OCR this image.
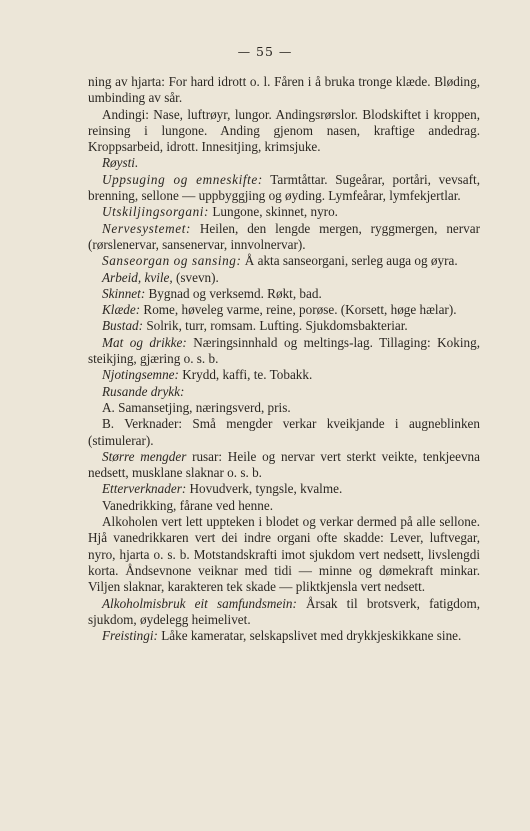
— 55 —

ning av hjarta: For hard idrott o. l. Fåren i å bruka tronge klæde. Bløding, umbinding av sår.

Andingi: Nase, luftrøyr, lungor. Andingsrørslor. Blodskiftet i kroppen, reinsing i lungone. Anding gjenom nasen, kraftige andedrag. Kroppsarbeid, idrott. Innesitjing, krimsjuke.

Røysti.

Uppsuging og emneskifte: Tarmtåttar. Sugeårar, portåri, vevsaft, brenning, sellone — uppbyggjing og øyding. Lymfeårar, lymfekjertlar.

Utskiljingsorgani: Lungone, skinnet, nyro.

Nervesystemet: Heilen, den lengde mergen, ryggmergen, nervar (rørslenervar, sansenervar, innvolnervar).

Sanseorgan og sansing: Å akta sanseorgani, serleg auga og øyra.

Arbeid, kvile, (svevn).

Skinnet: Bygnad og verksemd. Røkt, bad.

Klæde: Rome, høveleg varme, reine, porøse. (Korsett, høge hælar).

Bustad: Solrik, turr, romsam. Lufting. Sjukdomsbakteriar.

Mat og drikke: Næringsinnhald og meltings-lag. Tillaging: Koking, steikjing, gjæring o. s. b.

Njotingsemne: Krydd, kaffi, te. Tobakk.

Rusande drykk:

A. Samansetjing, næringsverd, pris.

B. Verknader: Små mengder verkar kveikjande i augneblinken (stimulerar).

Større mengder rusar: Heile og nervar vert sterkt veikte, tenkjeevna nedsett, musklane slaknar o. s. b.

Etterverknader: Hovudverk, tyngsle, kvalme.

Vanedrikking, fårane ved henne.

Alkoholen vert lett uppteken i blodet og verkar dermed på alle sellone. Hjå vanedrikkaren vert dei indre organi ofte skadde: Lever, luftvegar, nyro, hjarta o. s. b. Motstandskrafti imot sjukdom vert nedsett, livslengdi korta. Åndsevnone veiknar med tidi — minne og dømekraft minkar. Viljen slaknar, karakteren tek skade — pliktkjensla vert nedsett.

Alkoholmisbruk eit samfundsmein: Årsak til brotsverk, fatigdom, sjukdom, øydelegg heimelivet.

Freistingi: Låke kameratar, selskapslivet med drykkjeskikkane sine.
